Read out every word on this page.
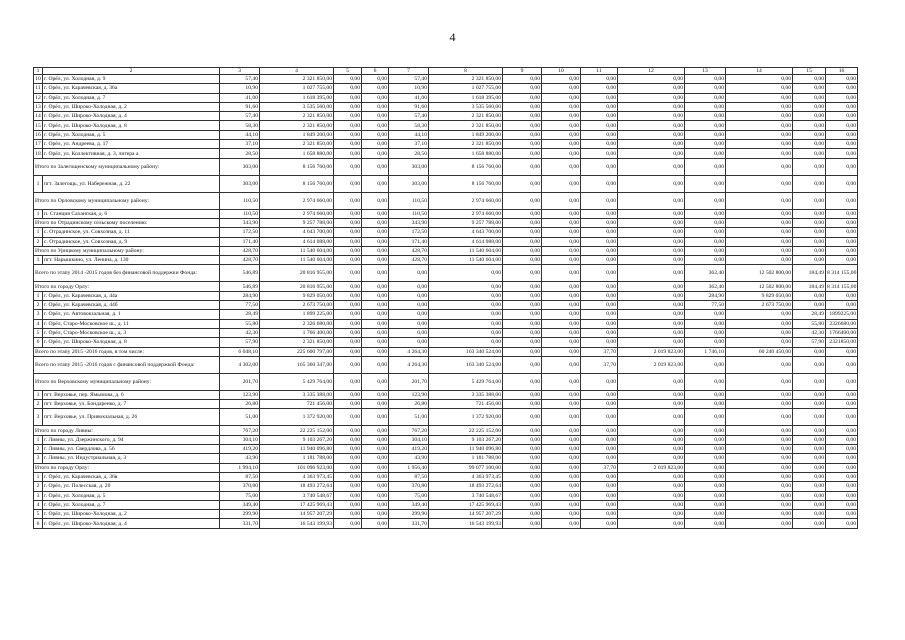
4
1	2	3	4	5	6	7	8	9	10	11	12	13	14	15	16
10	г. Орёл, ул. Холодная, д. 9	57,40	2 321 850,00	0,00	0,00	57,40	2 321 850,00	0,00	0,00	0,00	0,00	0,00	0,00	0,00	0,00
11	г. Орёл, ул. Карачевская, д. 36а	10,90	1 027 755,00	0,00	0,00	10,90	1 027 755,00	0,00	0,00	0,00	0,00	0,00	0,00	0,00	0,00
12	г. Орёл, ул. Холодная, д. 7	41,00	1 618 395,00	0,00	0,00	41,00	1 618 395,00	0,00	0,00	0,00	0,00	0,00	0,00	0,00	0,00
13	г. Орёл, ул. Широко-Холодная, д. 2	91,60	3 535 560,00	0,00	0,00	91,60	3 535 560,00	0,00	0,00	0,00	0,00	0,00	0,00	0,00	0,00
14	г. Орёл, ул. Широко-Холодная, д. 4	57,40	2 321 850,00	0,00	0,00	57,40	2 321 850,00	0,00	0,00	0,00	0,00	0,00	0,00	0,00	0,00
15	г. Орёл, ул. Широко-Холодная, д. 8	58,30	2 321 850,00	0,00	0,00	58,30	2 321 850,00	0,00	0,00	0,00	0,00	0,00	0,00	0,00	0,00
16	г. Орёл, ул. Холодная, д. 5	44,10	1 849 200,00	0,00	0,00	44,10	1 849 200,00	0,00	0,00	0,00	0,00	0,00	0,00	0,00	0,00
17	г. Орёл, ул. Андреева, д. 17	37,10	2 321 850,00	0,00	0,00	37,10	2 321 850,00	0,00	0,00	0,00	0,00	0,00	0,00	0,00	0,00
18	г. Орёл, ул. Коллективная, д. 3, литера а	28,50	1 658 880,00	0,00	0,00	28,50	1 658 880,00	0,00	0,00	0,00	0,00	0,00	0,00	0,00	0,00
Итого по Залегощенскому муниципальному району:		303,00	8 156 760,00	0,00	0,00	303,00	8 156 760,00	0,00	0,00	0,00	0,00	0,00	0,00	0,00	0,00
1	пгт. Залегощь, ул. Набережная, д. 22	303,00	8 156 760,00	0,00	0,00	303,00	8 156 760,00	0,00	0,00	0,00	0,00	0,00	0,00	0,00	0,00
Итого по Орловскому муниципальному району:		110,50	2 974 660,00	0,00	0,00	110,50	2 974 660,00	0,00	0,00	0,00	0,00	0,00	0,00	0,00	0,00
1	п. Станция Саханская, д. 6	110,50	2 974 660,00	0,00	0,00	110,50	2 974 660,00	0,00	0,00	0,00	0,00	0,00	0,00	0,00	0,00
Итого по Отрадинскому сельскому поселению:		343,90	9 257 788,00	0,00	0,00	343,90	9 257 788,00	0,00	0,00	0,00	0,00	0,00	0,00	0,00	0,00
1	с. Отрадинское, ул. Совхозная, д. 11	172,50	4 643 700,00	0,00	0,00	172,50	4 643 700,00	0,00	0,00	0,00	0,00	0,00	0,00	0,00	0,00
2	с. Отрадинское, ул. Совхозная, д. 9	171,40	4 614 088,00	0,00	0,00	171,40	4 614 088,00	0,00	0,00	0,00	0,00	0,00	0,00	0,00	0,00
Итого по Урицкому муниципальному району:		428,70	11 540 604,00	0,00	0,00	428,70	11 540 604,00	0,00	0,00	0,00	0,00	0,00	0,00	0,00	0,00
1	пгт. Нарышкино, ул. Ленина, д. 130	428,70	11 540 604,00	0,00	0,00	428,70	11 540 604,00	0,00	0,00	0,00	0,00	0,00	0,00	0,00	0,00
Всего по этапу 2014 -2015 годов без финансовой поддержки Фонда:		546,89	20 816 955,00	0,00	0,00	0,00	0,00	0,00	0,00	0,00	0,00	362,40	12 502 800,00	184,49	8 314 155,00
Итого по городу Орлу:		546,89	20 816 955,00	0,00	0,00	0,00	0,00	0,00	0,00	0,00	0,00	362,40	12 502 800,00	184,49	8 314 155,00
1	г. Орёл, ул. Карачевская, д. 44а	284,90	9 829 050,00	0,00	0,00	0,00	0,00	0,00	0,00	0,00	0,00	284,90	9 829 050,00	0,00	0,00
2	г. Орёл, ул. Карачевская, д. 44б	77,50	2 673 750,00	0,00	0,00	0,00	0,00	0,00	0,00	0,00	0,00	77,50	2 673 750,00	0,00	0,00
3	г. Орёл, ул. Автовокзальная, д. 1	28,49	1 899 225,00	0,00	0,00	0,00	0,00	0,00	0,00	0,00	0,00	0,00	0,00	28,49	1899225,00
4	г. Орёл, Старо-Московское ш., д. 11	55,80	2 326 680,00	0,00	0,00	0,00	0,00	0,00	0,00	0,00	0,00	0,00	0,00	55,80	2326680,00
5	г. Орёл, Старо-Московское ш., д. 3	42,30	1 766 400,00	0,00	0,00	0,00	0,00	0,00	0,00	0,00	0,00	0,00	0,00	42,30	1766400,00
6	г. Орёл, ул. Широко-Холодная, д. 8	57,90	2 321 850,00	0,00	0,00	0,00	0,00	0,00	0,00	0,00	0,00	0,00	0,00	57,90	2321850,00
Всего по этапу 2015 -2016 годов, в том числе:		6 048,10	225 600 797,00	0,00	0,00	4 264,30	163 340 524,00	0,00	0,00	37,70	2 019 823,00	1 746,10	60 240 450,00	0,00	0,00
Всего по этапу 2015 -2016 годов с финансовой поддержкой Фонда:		4 302,00	165 360 347,00	0,00	0,00	4 264,30	163 340 524,00	0,00	0,00	37,70	2 019 823,00	0,00	0,00	0,00	0,00
Итого по Верховскому муниципальному району:		201,70	5 429 764,00	0,00	0,00	201,70	5 429 764,00	0,00	0,00	0,00	0,00	0,00	0,00	0,00	0,00
1	пгт. Верховье, пер. Ямымова, д. 6	123,90	3 335 388,00	0,00	0,00	123,90	3 335 388,00	0,00	0,00	0,00	0,00	0,00	0,00	0,00	0,00
2	пгт. Верховье, ул. Бондаренко, д. 7	26,80	721 456,00	0,00	0,00	26,80	721 456,00	0,00	0,00	0,00	0,00	0,00	0,00	0,00	0,00
3	пгт. Верховье, ул. Привокзальная, д. 26	51,00	1 372 920,00	0,00	0,00	51,00	1 372 920,00	0,00	0,00	0,00	0,00	0,00	0,00	0,00	0,00
Итого по городу Ливны:		767,20	22 225 152,00	0,00	0,00	767,20	22 225 152,00	0,00	0,00	0,00	0,00	0,00	0,00	0,00	0,00
1	г. Ливны, ул. Дзержинского, д. 94	304,10	9 103 267,20	0,00	0,00	304,10	9 103 267,20	0,00	0,00	0,00	0,00	0,00	0,00	0,00	0,00
2	г. Ливны, ул. Свердлова, д. 56	419,20	11 940 096,80	0,00	0,00	419,20	11 940 096,80	0,00	0,00	0,00	0,00	0,00	0,00	0,00	0,00
3	г. Ливны, ул. Индустриальная, д. 3	43,90	1 181 788,00	0,00	0,00	43,90	1 181 788,00	0,00	0,00	0,00	0,00	0,00	0,00	0,00	0,00
Итого по городу Орлу:		1 994,10	101 096 923,00	0,00	0,00	1 956,40	99 077 100,00	0,00	0,00	37,70	2 019 823,00	0,00	0,00	0,00	0,00
1	г. Орёл, ул. Карачевская, д. 36в	87,50	4 363 973,45	0,00	0,00	87,50	4 363 973,45	0,00	0,00	0,00	0,00	0,00	0,00	0,00	0,00
2	г. Орёл, ул. Полесская, д. 20	370,80	18 493 272,64	0,00	0,00	370,80	18 493 272,64	0,00	0,00	0,00	0,00	0,00	0,00	0,00	0,00
3	г. Орёл, ул. Холодная, д. 5	75,00	3 740 548,67	0,00	0,00	75,00	3 740 548,67	0,00	0,00	0,00	0,00	0,00	0,00	0,00	0,00
4	г. Орёл, ул. Холодная, д. 7	349,40	17 425 969,43	0,00	0,00	349,40	17 425 969,43	0,00	0,00	0,00	0,00	0,00	0,00	0,00	0,00
5	г. Орёл, ул. Широко-Холодная, д. 2	299,90	14 957 207,29	0,00	0,00	299,90	14 957 207,29	0,00	0,00	0,00	0,00	0,00	0,00	0,00	0,00
6	г. Орёл, ул. Широко-Холодная, д. 4	331,70	16 543 199,93	0,00	0,00	331,70	16 543 199,93	0,00	0,00	0,00	0,00	0,00	0,00	0,00	0,00
